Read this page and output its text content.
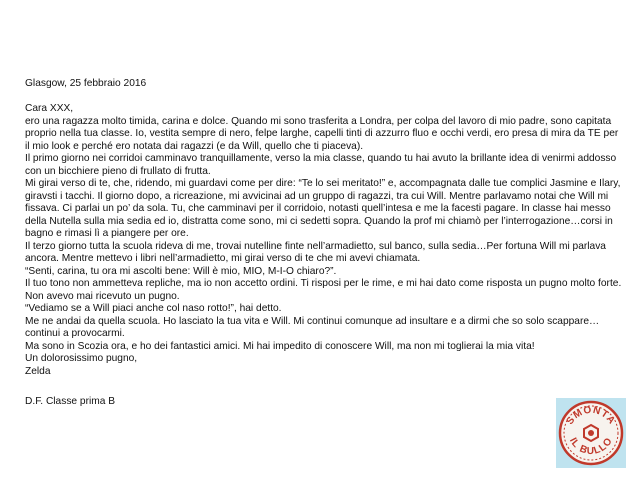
Glasgow, 25 febbraio 2016

Cara XXX,

ero una ragazza molto timida, carina e dolce. Quando mi sono trasferita a Londra, per colpa del lavoro di mio padre, sono capitata proprio nella tua classe. Io, vestita sempre di nero, felpe larghe, capelli tinti di azzurro fluo e occhi verdi, ero presa di mira da TE per il mio look e perché ero notata dai ragazzi (e da Will, quello che ti piaceva).

Il primo giorno nei corridoi camminavo tranquillamente, verso la mia classe, quando tu hai avuto la brillante idea di venirmi addosso con un bicchiere pieno di frullato di frutta.

Mi girai verso di te, che, ridendo, mi guardavi come per dire: “Te lo sei meritato!” e, accompagnata dalle tue complici Jasmine e Ilary, giravsti i tacchi. Il giorno dopo, a ricreazione, mi avvicinai ad un gruppo di ragazzi, tra cui Will. Mentre parlavamo notai che Will mi fissava. Ci parlai un po’ da sola. Tu, che camminavi per il corridoio, notasti quell’intesa e me la facesti pagare. In classe hai messo della Nutella sulla mia sedia ed io, distratta come sono, mi ci sedetti sopra. Quando la prof mi chiamò per l’interrogazione…corsi in bagno e rimasi lì a piangere per ore.

Il terzo giorno tutta la scuola rideva di me, trovai nutelline finte nell’armadietto, sul banco, sulla sedia…Per fortuna Will mi parlava ancora. Mentre mettevo i libri nell’armadietto, mi girai verso di te che mi avevi chiamata.

“Senti, carina, tu ora mi ascolti bene: Will è mio, MIO, M-I-O chiaro?”.

Il tuo tono non ammetteva repliche, ma io non accetto ordini. Ti risposi per le rime, e mi hai dato come risposta un pugno molto forte. Non avevo mai ricevuto un pugno.

“Vediamo se a Will piaci anche col naso rotto!”, hai detto.

Me ne andai da quella scuola. Ho lasciato la tua vita e Will. Mi continui comunque ad insultare e a dirmi che so solo scappare…continui a provocarmi.

Ma sono in Scozia ora, e ho dei fantastici amici. Mi hai impedito di conoscere Will, ma non mi toglierai la mia vita!

Un dolorosissimo pugno,

Zelda

D.F. Classe prima B
SMONTA
IL BULLO
